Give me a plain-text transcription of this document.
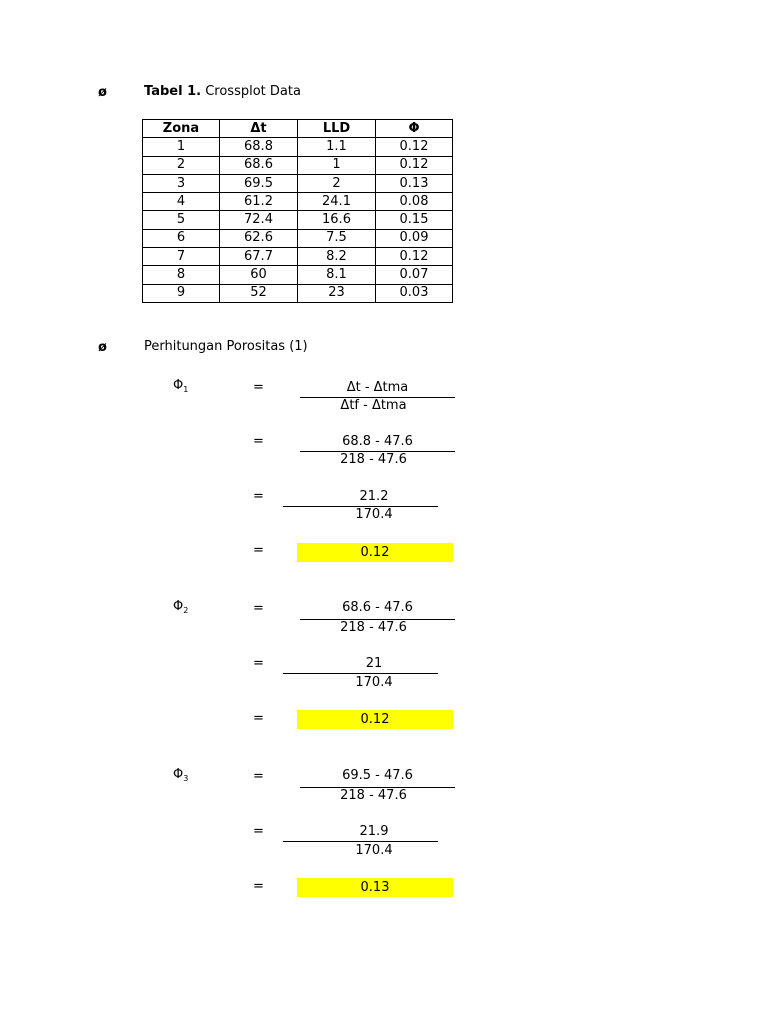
ø	Tabel 1. Crossplot Data
Zona	Δt	LLD	Φ
1	68.8	1.1	0.12
2	68.6	1	0.12
3	69.5	2	0.13
4	61.2	24.1	0.08
5	72.4	16.6	0.15
6	62.6	7.5	0.09
7	67.7	8.2	0.12
8	60	8.1	0.07
9	52	23	0.03
ø	Perhitungan Porositas (1)
$\Phi_1$	=	Δt - Δtma
Δtf - Δtma
=	68.8 - 47.6
218 - 47.6
=	21.2
170.4
=	0.12
$\Phi_2$	=	68.6 - 47.6
218 - 47.6
=	21
170.4
=	0.12
$\Phi_3$	=	69.5 - 47.6
218 - 47.6
=	21.9
170.4
=	0.13
